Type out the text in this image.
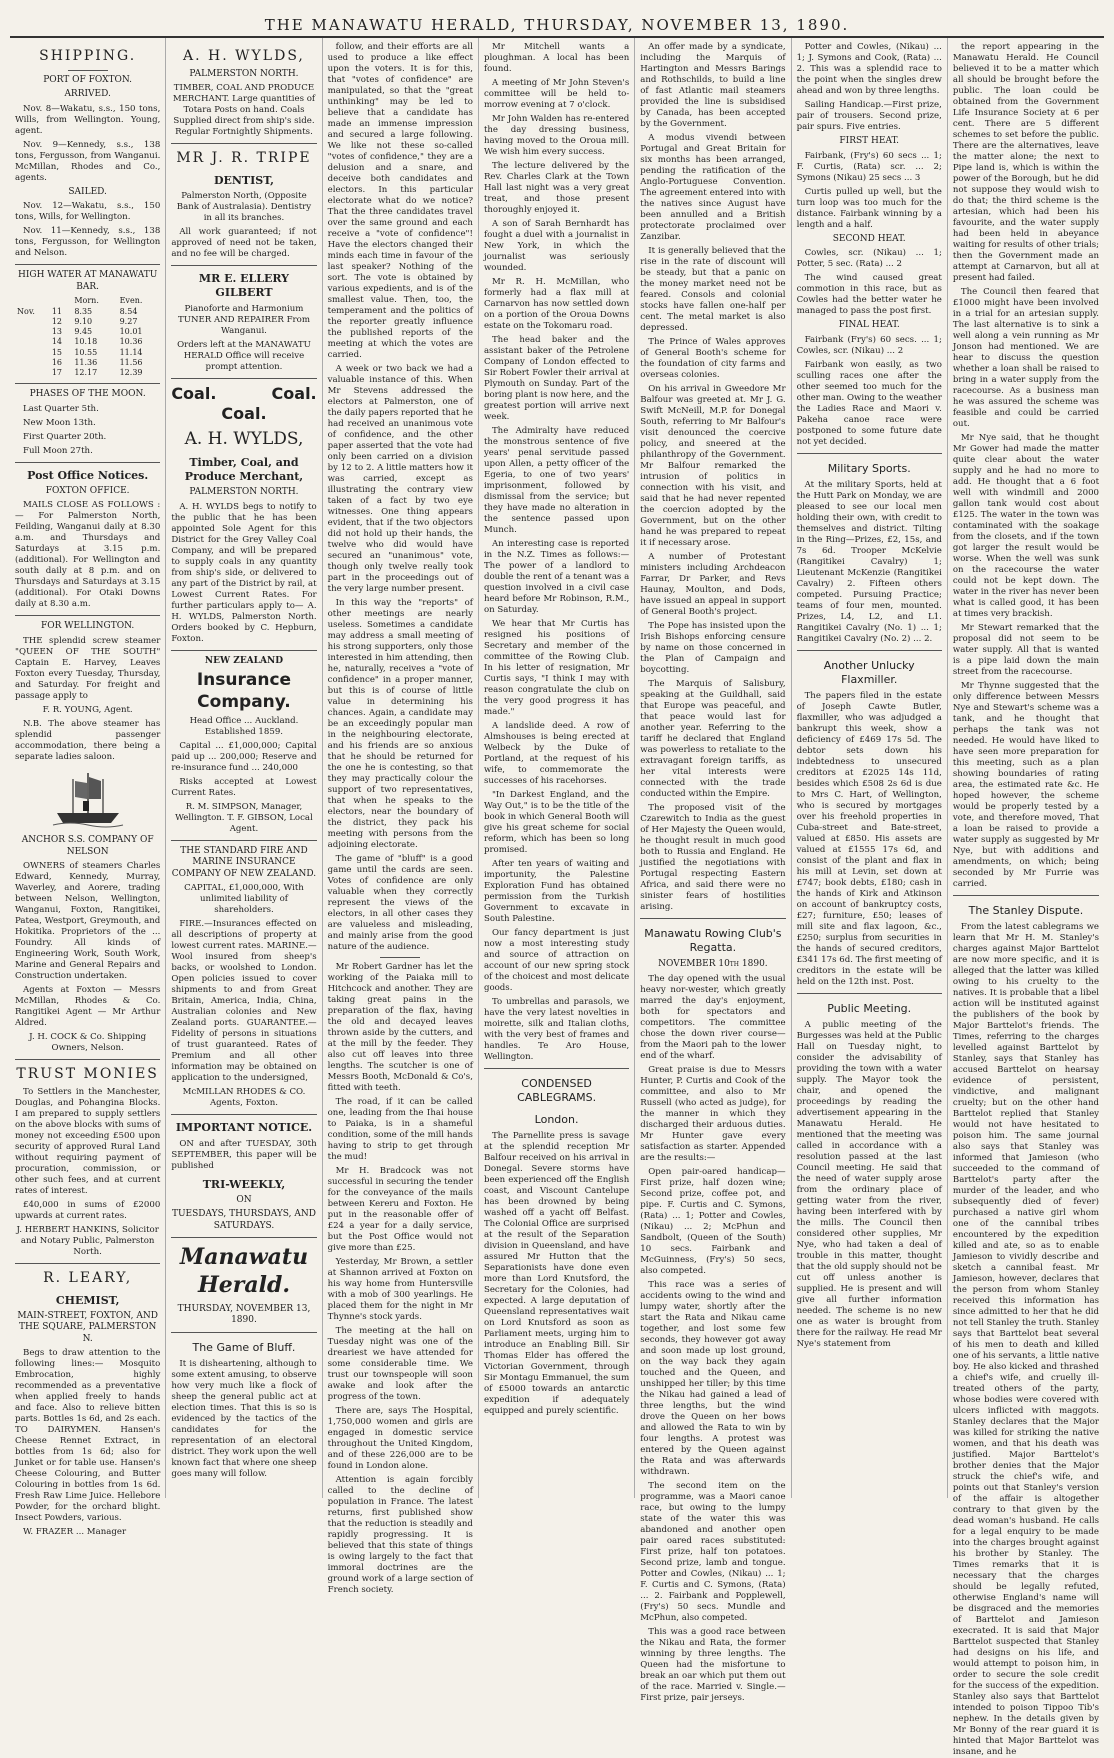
THE MANAWATU HERALD, THURSDAY, NOVEMBER 13, 1890.
SHIPPING.
PORT OF FOXTON.
ARRIVED.

Nov. 8—Wakatu, s.s., 150 tons, Wills, from Wellington. Young, agent.

Nov. 9—Kennedy, s.s., 138 tons, Fergusson, from Wanganui. McMillan, Rhodes and Co., agents.

SAILED.

Nov. 12—Wakatu, s.s., 150 tons, Wills, for Wellington.

Nov. 11—Kennedy, s.s., 138 tons, Fergusson, for Wellington and Nelson.

HIGH WATER AT MANAWATU BAR.
		Morn.	Even.
Nov.	11	8.35	8.54
	12	9.10	9.27
	13	9.45	10.01
	14	10.18	10.36
	15	10.55	11.14
	16	11.36	11.56
	17	12.17	12.39
PHASES OF THE MOON.

Last Quarter 5th.

New Moon 13th.

First Quarter 20th.

Full Moon 27th.

Post Office Notices.
FOXTON OFFICE.

MAILS CLOSE AS FOLLOWS :— For Palmerston North, Feilding, Wanganui daily at 8.30 a.m. and Thursdays and Saturdays at 3.15 p.m. (additional). For Wellington and south daily at 8 p.m. and on Thursdays and Saturdays at 3.15 (additional). For Otaki Downs daily at 8.30 a.m.

FOR WELLINGTON.

THE splendid screw steamer "QUEEN OF THE SOUTH" Captain E. Harvey, Leaves Foxton every Tuesday, Thursday, and Saturday. For freight and passage apply to

F. R. YOUNG, Agent.

N.B. The above steamer has splendid passenger accommodation, there being a separate ladies saloon.

ANCHOR S.S. COMPANY OF NELSON

OWNERS of steamers Charles Edward, Kennedy, Murray, Waverley, and Aorere, trading between Nelson, Wellington, Wanganui, Foxton, Rangitikei, Patea, Westport, Greymouth, and Hokitika. Proprietors of the ... Foundry. All kinds of Engineering Work, South Work, Marine and General Repairs and Construction undertaken.

Agents at Foxton — Messrs McMillan, Rhodes & Co. Rangitikei Agent — Mr Arthur Aldred.

J. H. COCK & Co. Shipping Owners, Nelson.

TRUST MONIES

To Settlers in the Manchester, Douglas, and Pohangina Blocks. I am prepared to supply settlers on the above blocks with sums of money not exceeding £500 upon security of approved Rural Land without requiring payment of procuration, commission, or other such fees, and at current rates of interest.

£40,000 in sums of £2000 upwards at current rates.

J. HERBERT HANKINS, Solicitor and Notary Public, Palmerston North.

R. LEARY,
CHEMIST,
MAIN-STREET, FOXTON, AND THE SQUARE, PALMERSTON N.

Begs to draw attention to the following lines:— Mosquito Embrocation, highly recommended as a preventative when applied freely to hands and face. Also to relieve bitten parts. Bottles 1s 6d, and 2s each. TO DAIRYMEN. Hansen's Cheese Rennet Extract, in bottles from 1s 6d; also for Junket or for table use. Hansen's Cheese Colouring, and Butter Colouring in bottles from 1s 6d. Fresh Raw Lime Juice. Hellebore Powder, for the orchard blight. Insect Powders, various.

W. FRAZER ... Manager

A. H. WYLDS,
PALMERSTON NORTH.

TIMBER, COAL AND PRODUCE MERCHANT. Large quantities of Totara Posts on hand. Coals Supplied direct from ship's side. Regular Fortnightly Shipments.

MR J. R. TRIPE
DENTIST,

Palmerston North, (Opposite Bank of Australasia). Dentistry in all its branches.

All work guaranteed; if not approved of need not be taken, and no fee will be charged.

MR E. ELLERY GILBERT

Pianoforte and Harmonium TUNER AND REPAIRER From Wanganui.

Orders left at the MANAWATU HERALD Office will receive prompt attention.

Coal.	Coal.
Coal.
A. H. WYLDS,
Timber, Coal, and Produce Merchant,
PALMERSTON NORTH.

A. H. WYLDS begs to notify to the public that he has been appointed Sole Agent for this District for the Grey Valley Coal Company, and will be prepared to supply coals in any quantity from ship's side, or delivered to any part of the District by rail, at Lowest Current Rates. For further particulars apply to— A. H. WYLDS, Palmerston North. Orders booked by C. Hepburn, Foxton.

NEW ZEALAND
Insurance Company.

Head Office ... Auckland. Established 1859.

Capital ... £1,000,000; Capital paid up ... 200,000; Reserve and re-insurance fund ... 240,000

Risks accepted at Lowest Current Rates.

R. M. SIMPSON, Manager, Wellington. T. F. GIBSON, Local Agent.

THE STANDARD FIRE AND MARINE INSURANCE COMPANY OF NEW ZEALAND.

CAPITAL, £1,000,000, With unlimited liability of shareholders.

FIRE.—Insurances effected on all descriptions of property at lowest current rates. MARINE.—Wool insured from sheep's backs, or woolshed to London. Open policies issued to cover shipments to and from Great Britain, America, India, China, Australian colonies and New Zealand ports. GUARANTEE.—Fidelity of persons in situations of trust guaranteed. Rates of Premium and all other information may be obtained on application to the undersigned,

McMILLAN RHODES & CO. Agents, Foxton.

IMPORTANT NOTICE.

ON and after TUESDAY, 30th SEPTEMBER, this paper will be published

TRI-WEEKLY,
ON
TUESDAYS, THURSDAYS, AND SATURDAYS.
Manawatu Herald.
THURSDAY, NOVEMBER 13, 1890.
The Game of Bluff.

It is disheartening, although to some extent amusing, to observe how very much like a flock of sheep the general public act at election times. That this is so is evidenced by the tactics of the candidates for the representation of an electoral district. They work upon the well known fact that where one sheep goes many will follow.

follow, and their efforts are all used to produce a like effect upon the voters. It is for this, that "votes of confidence" are manipulated, so that the "great unthinking" may be led to believe that a candidate has made an immense impression and secured a large following. We like not these so-called "votes of confidence," they are a delusion and a snare, and deceive both candidates and electors. In this particular electorate what do we notice? That the three candidates travel over the same ground and each receive a "vote of confidence"! Have the electors changed their minds each time in favour of the last speaker? Nothing of the sort. The vote is obtained by various expedients, and is of the smallest value. Then, too, the temperament and the politics of the reporter greatly influence the published reports of the meeting at which the votes are carried.

A week or two back we had a valuable instance of this. When Mr Stevens addressed the electors at Palmerston, one of the daily papers reported that he had received an unanimous vote of confidence, and the other paper asserted that the vote had only been carried on a division by 12 to 2. A little matters how it was carried, except as illustrating the contrary view taken of a fact by two eye witnesses. One thing appears evident, that if the two objectors did not hold up their hands, the twelve who did would have secured an "unanimous" vote, though only twelve really took part in the proceedings out of the very large number present.

In this way the "reports" of other meetings are nearly useless. Sometimes a candidate may address a small meeting of his strong supporters, only those interested in him attending, then he, naturally, receives a "vote of confidence" in a proper manner, but this is of course of little value in determining his chances. Again, a candidate may be an exceedingly popular man in the neighbouring electorate, and his friends are so anxious that he should be returned for the one he is contesting, so that they may practically colour the support of two representatives, that when he speaks to the electors, near the boundary of the district, they pack his meeting with persons from the adjoining electorate.

The game of "bluff" is a good game until the cards are seen. Votes of confidence are only valuable when they correctly represent the views of the electors, in all other cases they are valueless and misleading, and mainly arise from the good nature of the audience.

Mr Robert Gardner has let the working of the Paiaka mill to Hitchcock and another. They are taking great pains in the preparation of the flax, having the old and decayed leaves thrown aside by the cutters, and at the mill by the feeder. They also cut off leaves into three lengths. The scutcher is one of Messrs Booth, McDonald & Co's, fitted with teeth.

The road, if it can be called one, leading from the Ihai house to Paiaka, is in a shameful condition, some of the mill hands having to strip to get through the mud!

Mr H. Bradcock was not successful in securing the tender for the conveyance of the mails between Kereru and Foxton. He put in the reasonable offer of £24 a year for a daily service, but the Post Office would not give more than £25.

Yesterday, Mr Brown, a settler at Shannon arrived at Foxton on his way home from Huntersville with a mob of 300 yearlings. He placed them for the night in Mr Thynne's stock yards.

The meeting at the hall on Tuesday night was one of the dreariest we have attended for some considerable time. We trust our townspeople will soon awake and look after the progress of the town.

There are, says The Hospital, 1,750,000 women and girls are engaged in domestic service throughout the United Kingdom, and of these 226,000 are to be found in London alone.

Attention is again forcibly called to the decline of population in France. The latest returns, first published show that the reduction is steadily and rapidly progressing. It is believed that this state of things is owing largely to the fact that immoral doctrines are the ground work of a large section of French society.

Mr Mitchell wants a ploughman. A local has been found.

A meeting of Mr John Steven's committee will be held to-morrow evening at 7 o'clock.

Mr John Walden has re-entered the day dressing business, having moved to the Oroua mill. We wish him every success.

The lecture delivered by the Rev. Charles Clark at the Town Hall last night was a very great treat, and those present thoroughly enjoyed it.

A son of Sarah Bernhardt has fought a duel with a journalist in New York, in which the journalist was seriously wounded.

Mr R. H. McMillan, who formerly had a flax mill at Carnarvon has now settled down on a portion of the Oroua Downs estate on the Tokomaru road.

The head baker and the assistant baker of the Petrolene Company of London effected to Sir Robert Fowler their arrival at Plymouth on Sunday. Part of the boring plant is now here, and the greatest portion will arrive next week.

The Admiralty have reduced the monstrous sentence of five years' penal servitude passed upon Allen, a petty officer of the Egeria, to one of two years' imprisonment, followed by dismissal from the service; but they have made no alteration in the sentence passed upon Munch.

An interesting case is reported in the N.Z. Times as follows:—The power of a landlord to double the rent of a tenant was a question involved in a civil case heard before Mr Robinson, R.M., on Saturday.

We hear that Mr Curtis has resigned his positions of Secretary and member of the committee of the Rowing Club. In his letter of resignation, Mr Curtis says, "I think I may with reason congratulate the club on the very good progress it has made."

A landslide deed. A row of Almshouses is being erected at Welbeck by the Duke of Portland, at the request of his wife, to commemorate the successes of his racehorses.

"In Darkest England, and the Way Out," is to be the title of the book in which General Booth will give his great scheme for social reform, which has been so long promised.

After ten years of waiting and importunity, the Palestine Exploration Fund has obtained permission from the Turkish Government to excavate in South Palestine.

Our fancy department is just now a most interesting study and source of attraction on account of our new spring stock of the choicest and most delicate goods.

To umbrellas and parasols, we have the very latest novelties in moirette, silk and Italian cloths, with the very best of frames and handles. Te Aro House, Wellington.

CONDENSED CABLEGRAMS.
London.

The Parnellite press is savage at the splendid reception Mr Balfour received on his arrival in Donegal. Severe storms have been experienced off the English coast, and Viscount Cantelupe has been drowned by being washed off a yacht off Belfast. The Colonial Office are surprised at the result of the Separation division in Queensland, and have assured Mr Hutton that the Separationists have done even more than Lord Knutsford, the Secretary for the Colonies, had expected. A large deputation of Queensland representatives wait on Lord Knutsford as soon as Parliament meets, urging him to introduce an Enabling Bill. Sir Thomas Elder has offered the Victorian Government, through Sir Montagu Emmanuel, the sum of £5000 towards an antarctic expedition if adequately equipped and purely scientific.

An offer made by a syndicate, including the Marquis of Hartington and Messrs Barings and Rothschilds, to build a line of fast Atlantic mail steamers provided the line is subsidised by Canada, has been accepted by the Government.

A modus vivendi between Portugal and Great Britain for six months has been arranged, pending the ratification of the Anglo-Portuguese Convention. The agreement entered into with the natives since August have been annulled and a British protectorate proclaimed over Zanzibar.

It is generally believed that the rise in the rate of discount will be steady, but that a panic on the money market need not be feared. Consols and colonial stocks have fallen one-half per cent. The metal market is also depressed.

The Prince of Wales approves of General Booth's scheme for the foundation of city farms and overseas colonies.

On his arrival in Gweedore Mr Balfour was greeted at. Mr J. G. Swift McNeill, M.P. for Donegal South, referring to Mr Balfour's visit denounced the coercive policy, and sneered at the philanthropy of the Government. Mr Balfour remarked the intrusion of politics in connection with his visit, and said that he had never repented the coercion adopted by the Government, but on the other hand he was prepared to repeat it if necessary arose.

A number of Protestant ministers including Archdeacon Farrar, Dr Parker, and Revs Haunay, Moulton, and Dods, have issued an appeal in support of General Booth's project.

The Pope has insisted upon the Irish Bishops enforcing censure by name on those concerned in the Plan of Campaign and boycotting.

The Marquis of Salisbury, speaking at the Guildhall, said that Europe was peaceful, and that peace would last for another year. Referring to the tariff he declared that England was powerless to retaliate to the extravagant foreign tariffs, as her vital interests were connected with the trade conducted within the Empire.

The proposed visit of the Czarewitch to India as the guest of Her Majesty the Queen would, he thought result in much good both to Russia and England. He justified the negotiations with Portugal respecting Eastern Africa, and said there were no sinister fears of hostilities arising.

Manawatu Rowing Club's Regatta.
NOVEMBER 10th 1890.

The day opened with the usual heavy nor-wester, which greatly marred the day's enjoyment, both for spectators and competitors. The committee chose the down river course—from the Maori pah to the lower end of the wharf.

Great praise is due to Messrs Hunter, P. Curtis and Cook of the committee, and also to Mr Russell (who acted as judge), for the manner in which they discharged their arduous duties. Mr Hunter gave every satisfaction as starter. Appended are the results:—

Open pair-oared handicap—First prize, half dozen wine; Second prize, coffee pot, and pipe. F. Curtis and C. Symons, (Rata) ... 1; Potter and Cowles, (Nikau) ... 2; McPhun and Sandbolt, (Queen of the South) 10 secs. Fairbank and McGuinness, (Fry's) 50 secs, also competed.

This race was a series of accidents owing to the wind and lumpy water, shortly after the start the Rata and Nikau came together, and lost some few seconds, they however got away and soon made up lost ground, on the way back they again touched and the Queen, and unshipped her tiller; by this time the Nikau had gained a lead of three lengths, but the wind drove the Queen on her bows and allowed the Rata to win by four lengths. A protest was entered by the Queen against the Rata and was afterwards withdrawn.

The second item on the programme, was a Maori canoe race, but owing to the lumpy state of the water this was abandoned and another open pair oared races substituted: First prize, half ton potatoes. Second prize, lamb and tongue. Potter and Cowles, (Nikau) ... 1; F. Curtis and C. Symons, (Rata) ... 2. Fairbank and Popplewell, (Fry's) 50 secs. Mundle and McPhun, also competed.

This was a good race between the Nikau and Rata, the former winning by three lengths. The Queen had the misfortune to break an oar which put them out of the race. Married v. Single.—First prize, pair jerseys.

Potter and Cowles, (Nikau) ... 1; J. Symons and Cook, (Rata) ... 2. This was a splendid race to the point when the singles drew ahead and won by three lengths.

Sailing Handicap.—First prize, pair of trousers. Second prize, pair spurs. Five entries.

FIRST HEAT.

Fairbank, (Fry's) 60 secs ... 1; F. Curtis, (Rata) scr. ... 2; Symons (Nikau) 25 secs ... 3

Curtis pulled up well, but the turn loop was too much for the distance. Fairbank winning by a length and a half.

SECOND HEAT.

Cowles, scr. (Nikau) ... 1; Potter, 5 sec. (Rata) ... 2

The wind caused great commotion in this race, but as Cowles had the better water he managed to pass the post first.

FINAL HEAT.

Fairbank (Fry's) 60 secs. ... 1; Cowles, scr. (Nikau) ... 2

Fairbank won easily, as two sculling races one after the other seemed too much for the other man. Owing to the weather the Ladies Race and Maori v. Pakeha canoe race were postponed to some future date not yet decided.

Military Sports.

At the military Sports, held at the Hutt Park on Monday, we are pleased to see our local men holding their own, with credit to themselves and district. Tilting in the Ring—Prizes, £2, 15s, and 7s 6d. Trooper McKelvie (Rangitikei Cavalry) 1; Lieutenant McKenzie (Rangitikei Cavalry) 2. Fifteen others competed. Pursuing Practice; teams of four men, mounted. Prizes, L4, L2, and L1. Rangitikei Cavalry (No. 1) ... 1; Rangitikei Cavalry (No. 2) ... 2.

Another Unlucky Flaxmiller.

The papers filed in the estate of Joseph Cawte Butler, flaxmiller, who was adjudged a bankrupt this week, show a deficiency of £469 17s 5d. The debtor sets down his indebtedness to unsecured creditors at £2025 14s 11d, besides which £508 2s 6d is due to Mrs C. Hart, of Wellington, who is secured by mortgages over his freehold properties in Cuba-street and Bate-street, valued at £850. His assets are valued at £1555 17s 6d, and consist of the plant and flax in his mill at Levin, set down at £747; book debts, £180; cash in the hands of Kirk and Atkinson on account of bankruptcy costs, £27; furniture, £50; leases of mill site and flax lagoon, &c., £250; surplus from securities in the hands of secured creditors, £341 17s 6d. The first meeting of creditors in the estate will be held on the 12th inst. Post.

Public Meeting.

A public meeting of the Burgesses was held at the Public Hall on Tuesday night, to consider the advisability of providing the town with a water supply. The Mayor took the chair, and opened the proceedings by reading the advertisement appearing in the Manawatu Herald. He mentioned that the meeting was called in accordance with a resolution passed at the last Council meeting. He said that the need of water supply arose from the ordinary place of getting water from the river, having been interfered with by the mills. The Council then considered other supplies, Mr Nye, who had taken a deal of trouble in this matter, thought that the old supply should not be cut off unless another is supplied. He is present and will give all further information needed. The scheme is no new one as water is brought from there for the railway. He read Mr Nye's statement from

the report appearing in the Manawatu Herald. He Council believed it to be a matter which all should be brought before the public. The loan could be obtained from the Government Life Insurance Society at 6 per cent. There are 5 different schemes to set before the public. There are the alternatives, leave the matter alone; the next to Pipe land is, which is within the power of the Borough, but he did not suppose they would wish to do that; the third scheme is the artesian, which had been his favourite, and the water supply had been held in abeyance waiting for results of other trials; then the Government made an attempt at Carnarvon, but all at present had failed.

The Council then feared that £1000 might have been involved in a trial for an artesian supply. The last alternative is to sink a well along a vein running as Mr Jonson had mentioned. We are hear to discuss the question whether a loan shall be raised to bring in a water supply from the racecourse. As a business man he was assured the scheme was feasible and could be carried out.

Mr Nye said, that he thought Mr Gower had made the matter quite clear about the water supply and he had no more to add. He thought that a 6 foot well with windmill and 2000 gallon tank would cost about £125. The water in the town was contaminated with the soakage from the closets, and if the town got larger the result would be worse. When the well was sunk on the racecourse the water could not be kept down. The water in the river has never been what is called good, it has been at times very brackish.

Mr Stewart remarked that the proposal did not seem to be water supply. All that is wanted is a pipe laid down the main street from the racecourse.

Mr Thynne suggested that the only difference between Messrs Nye and Stewart's scheme was a tank, and he thought that perhaps the tank was not needed. He would have liked to have seen more preparation for this meeting, such as a plan showing boundaries of rating area, the estimated rate &c. He hoped however, the scheme would be properly tested by a vote, and therefore moved, That a loan be raised to provide a water supply as suggested by Mr Nye, but with additions and amendments, on which; being seconded by Mr Furrie was carried.

The Stanley Dispute.

From the latest cablegrams we learn that Mr H. M. Stanley's charges against Major Barttelot are now more specific, and it is alleged that the latter was killed owing to his cruelty to the natives. It is probable that a libel action will be instituted against the publishers of the book by Major Barttelot's friends. The Times, referring to the charges levelled against Barttelot by Stanley, says that Stanley has accused Barttelot on hearsay evidence of persistent, vindictive, and malignant cruelty; but on the other hand Barttelot replied that Stanley would not have hesitated to poison him. The same journal also says that Stanley was informed that Jamieson (who succeeded to the command of Barttelot's party after the murder of the leader, and who subsequently died of fever) purchased a native girl whom one of the cannibal tribes encountered by the expedition killed and ate, so as to enable Jamieson to vividly describe and sketch a cannibal feast. Mr Jamieson, however, declares that the person from whom Stanley received this information has since admitted to her that he did not tell Stanley the truth. Stanley says that Barttelot beat several of his men to death and killed one of his servants, a little native boy. He also kicked and thrashed a chief's wife, and cruelly ill-treated others of the party, whose bodies were covered with ulcers inflicted with maggots. Stanley declares that the Major was killed for striking the native women, and that his death was justified. Major Barttelot's brother denies that the Major struck the chief's wife, and points out that Stanley's version of the affair is altogether contrary to that given by the dead woman's husband. He calls for a legal enquiry to be made into the charges brought against his brother by Stanley. The Times remarks that it is necessary that the charges should be legally refuted, otherwise England's name will be disgraced and the memories of Barttelot and Jamieson execrated. It is said that Major Barttelot suspected that Stanley had designs on his life, and would attempt to poison him, in order to secure the sole credit for the success of the expedition. Stanley also says that Barttelot intended to poison Tippoo Tib's nephew. In the details given by Mr Bonny of the rear guard it is hinted that Major Barttelot was insane, and he
